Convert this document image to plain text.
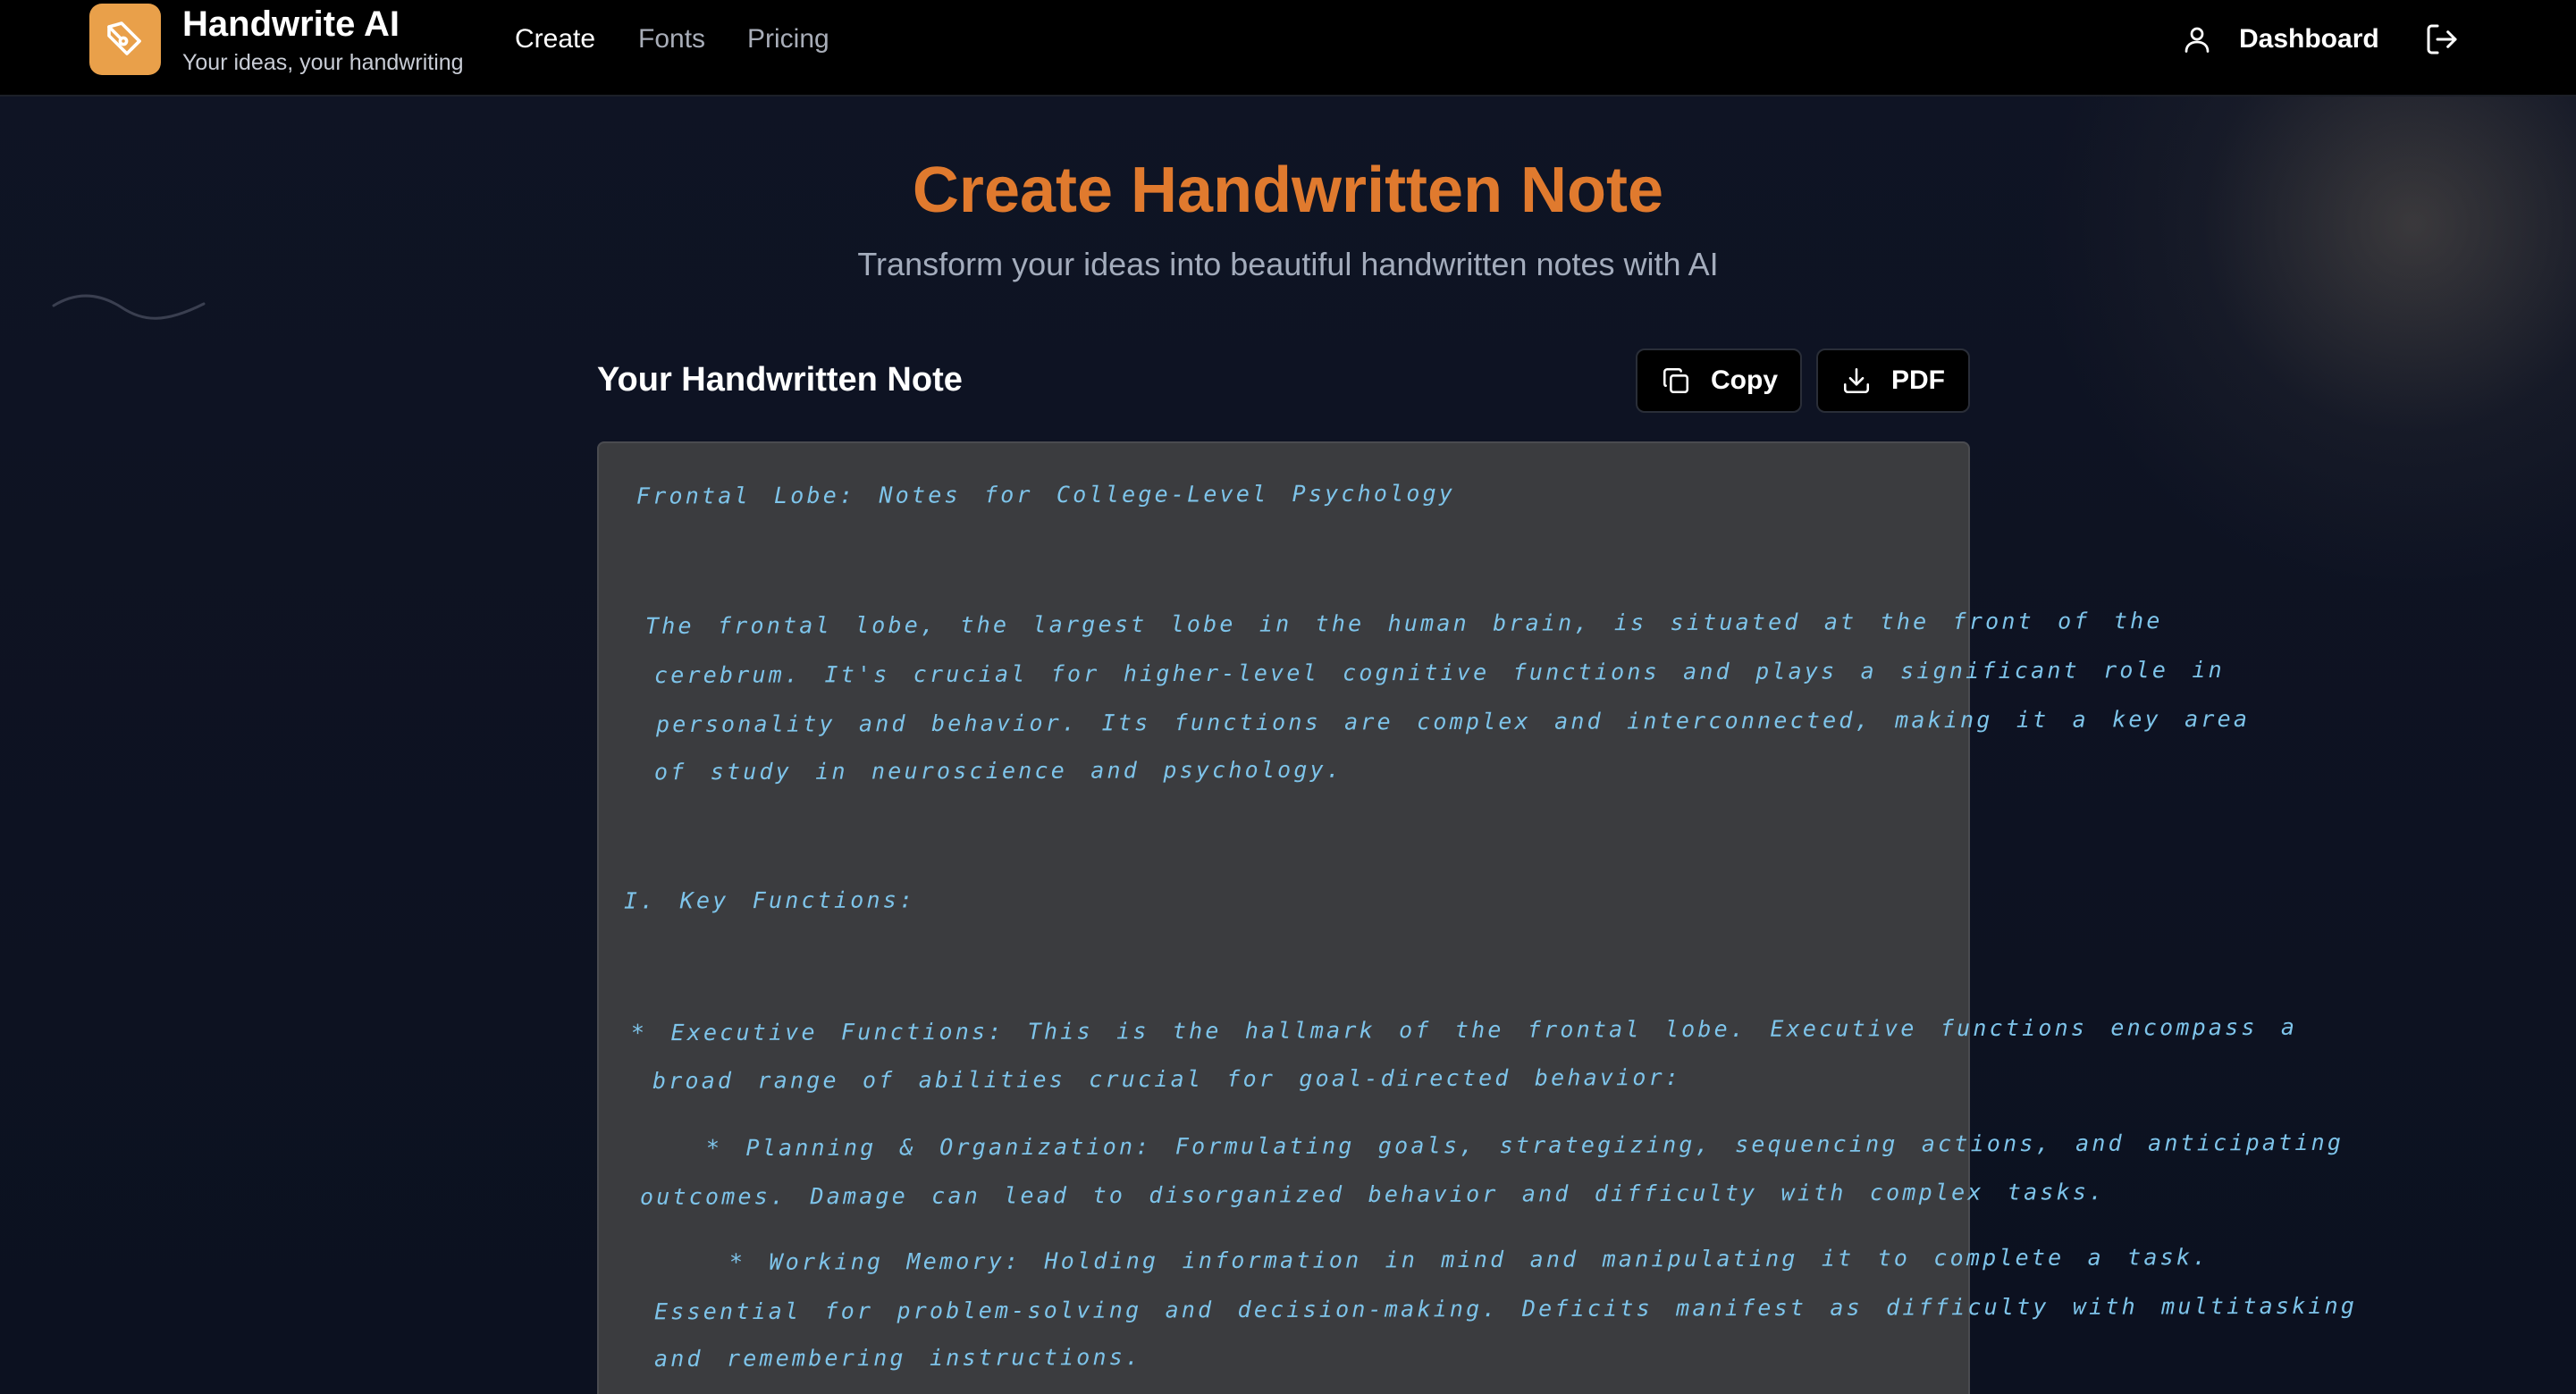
Handwrite AI
Your ideas, your handwriting
Create Fonts Pricing	Dashboard
Create Handwritten Note
Transform your ideas into beautiful handwritten notes with AI
Your Handwritten Note	Copy	PDF
Frontal Lobe: Notes for College-Level Psychology
The frontal lobe, the largest lobe in the human brain, is situated at the front of the
cerebrum. It's crucial for higher-level cognitive functions and plays a significant role in
personality and behavior. Its functions are complex and interconnected, making it a key area
of study in neuroscience and psychology.
I. Key Functions:
* Executive Functions: This is the hallmark of the frontal lobe. Executive functions encompass a
broad range of abilities crucial for goal-directed behavior:
* Planning & Organization: Formulating goals, strategizing, sequencing actions, and anticipating
outcomes. Damage can lead to disorganized behavior and difficulty with complex tasks.
* Working Memory: Holding information in mind and manipulating it to complete a task.
Essential for problem-solving and decision-making. Deficits manifest as difficulty with multitasking
and remembering instructions.
